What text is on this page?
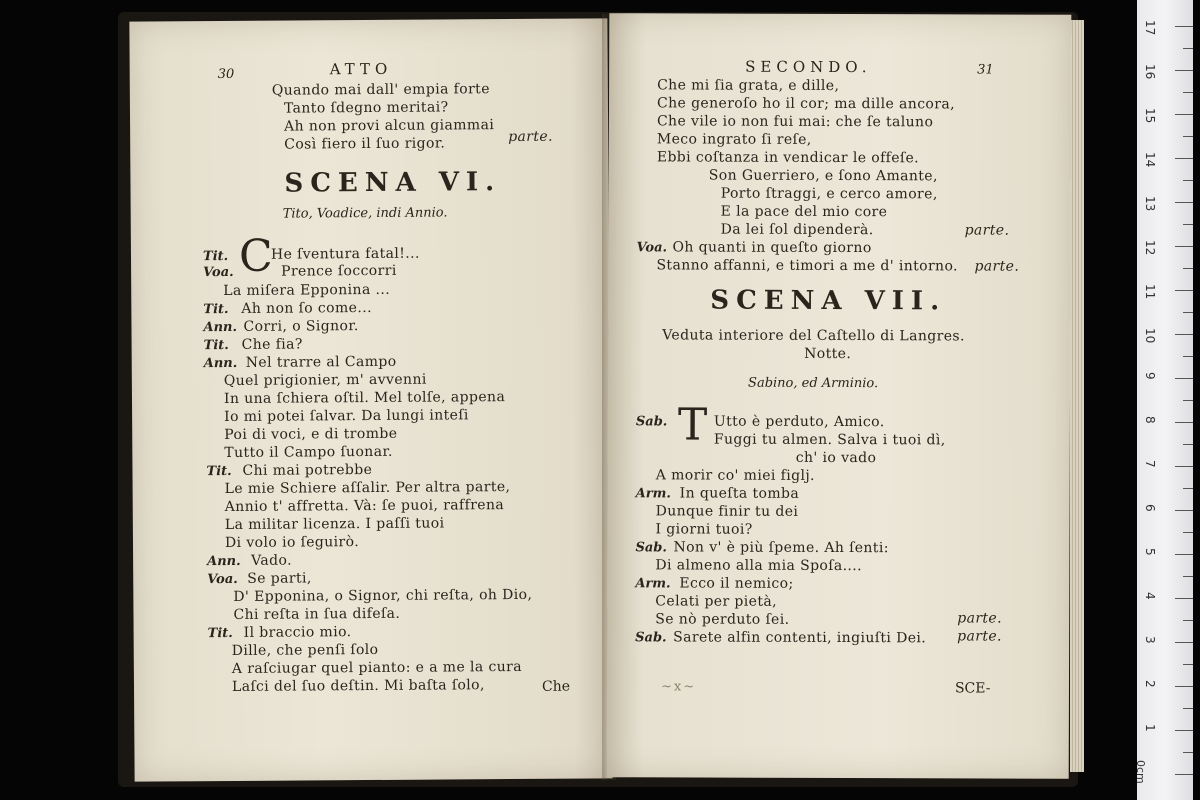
30	ATTO
Quando mai dall' empia forte
Tanto ſdegno meritai?
Ah non provi alcun giammai
Così fiero il ſuo rigor.	parte.
SCENA VI.
Tito, Voadice, indi Annio.
Tit. C
He ſventura fatal!...
Voa.	Prence ſoccorri
La miſera Epponina ...
Tit. Ah non ſo come...
Ann. Corri, o Signor.
Tit. Che fia?
Ann. Nel trarre al Campo
Quel prigionier, m' avvenni
In una ſchiera oſtil. Mel tolſe, appena
Io mi potei ſalvar. Da lungi inteſi
Poi di voci, e di trombe
Tutto il Campo ſuonar.
Tit. Chi mai potrebbe
Le mie Schiere aſſalir. Per altra parte,
Annio t' affretta. Và: ſe puoi, raffrena
La militar licenza. I paſſi tuoi
Di volo io ſeguirò.
Ann. Vado.
Voa. Se parti,
D' Epponina, o Signor, chi reſta, oh Dio,
Chi reſta in ſua difeſa.
Tit. Il braccio mio.
Dille, che penſi ſolo
A raſciugar quel pianto: e a me la cura
Laſci del ſuo deſtin. Mi baſta ſolo,	Che
SECONDO.	31
Che mi ſia grata, e dille,
Che generoſo ho il cor; ma dille ancora,
Che vile io non fui mai: che ſe taluno
Meco ingrato ſi reſe,
Ebbi coſtanza in vendicar le offeſe.
Son Guerriero, e ſono Amante,
Porto ſtraggi, e cerco amore,
E la pace del mio core
Da lei ſol dipenderà.	parte.
Voa. Oh quanti in queſto giorno
Stanno affanni, e timori a me d' intorno. parte.
SCENA VII.
Veduta interiore del Caſtello di Langres.
Notte.
Sabino, ed Arminio.
Sab. T Utto è perduto, Amico.
Fuggi tu almen. Salva i tuoi dì,
ch' io vado
A morir co' miei figlj.
Arm. In queſta tomba
Dunque finir tu dei
I giorni tuoi?
Sab. Non v' è più ſpeme. Ah ſenti:
Di almeno alla mia Spoſa....
Arm. Ecco il nemico;
Celati per pietà,
Se nò perduto ſei.	parte.
Sab. Sarete alfin contenti, ingiuſti Dei. parte.
~x~	SCE-
0cm
17
16
15
14
13
12
11
10
9
8
7
6
5
4
3
2
1
